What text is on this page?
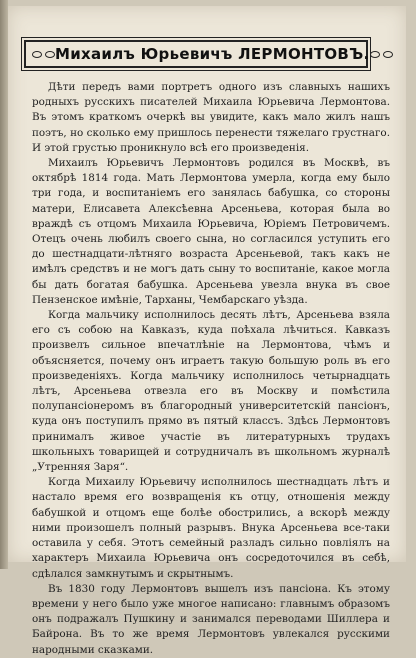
Михаилъ Юрьевичъ ЛЕРМОНТОВЪ.

Дѣти передъ вами портретъ одного изъ славныхъ нашихъ родныхъ русскихъ писателей Михаила Юрьевича Лермонтова. Въ этомъ краткомъ очеркѣ вы увидите, какъ мало жилъ нашъ поэтъ, но сколько ему пришлось перенести тяжелаго грустнаго. И этой грустью проникнуло всѣ его произведенія.

Михаилъ Юрьевичъ Лермонтовъ родился въ Москвѣ, въ октябрѣ 1814 года. Мать Лермонтова умерла, когда ему было три года, и воспитаніемъ его занялась бабушка, со стороны матери, Елисавета Алексѣевна Арсеньева, которая была во враждѣ съ отцомъ Михаила Юрьевича, Юріемъ Петровичемъ. Отецъ очень любилъ своего сына, но согласился уступить его до шестнадцати-лѣтняго возраста Арсеньевой, такъ какъ не имѣлъ средствъ и не могъ дать сыну то воспитаніе, какое могла бы дать богатая бабушка. Арсеньева увезла внука въ свое Пензенское имѣніе, Тарханы, Чембарскаго уѣзда.

Когда мальчику исполнилось десять лѣтъ, Арсеньева взяла его съ собою на Кавказъ, куда поѣхала лѣчиться. Кавказъ произвелъ сильное впечатлѣніе на Лермонтова, чѣмъ и объясняется, почему онъ играетъ такую большую роль въ его произведеніяхъ. Когда мальчику исполнилось четырнадцать лѣтъ, Арсеньева отвезла его въ Москву и помѣстила полупансіонеромъ въ благородный университетскій пансіонъ, куда онъ поступилъ прямо въ пятый классъ. Здѣсь Лермонтовъ принималъ живое участіе въ литературныхъ трудахъ школьныхъ товарищей и сотрудничалъ въ школьномъ журналѣ „Утренняя Заря“.

Когда Михаилу Юрьевичу исполнилось шестнадцать лѣтъ и настало время его возвращенія къ отцу, отношенія между бабушкой и отцомъ еще болѣе обострились, а вскорѣ между ними произошелъ полный разрывъ. Внука Арсеньева все-таки оставила у себя. Этотъ семейный разладъ сильно повліялъ на характеръ Михаила Юрьевича онъ сосредоточился въ себѣ, сдѣлался замкнутымъ и скрытнымъ.

Въ 1830 году Лермонтовъ вышелъ изъ пансіона. Къ этому времени у него было уже многое написано: главнымъ образомъ онъ подражалъ Пушкину и занимался переводами Шиллера и Байрона. Въ то же время Лермонтовъ увлекался русскими народными сказками.
